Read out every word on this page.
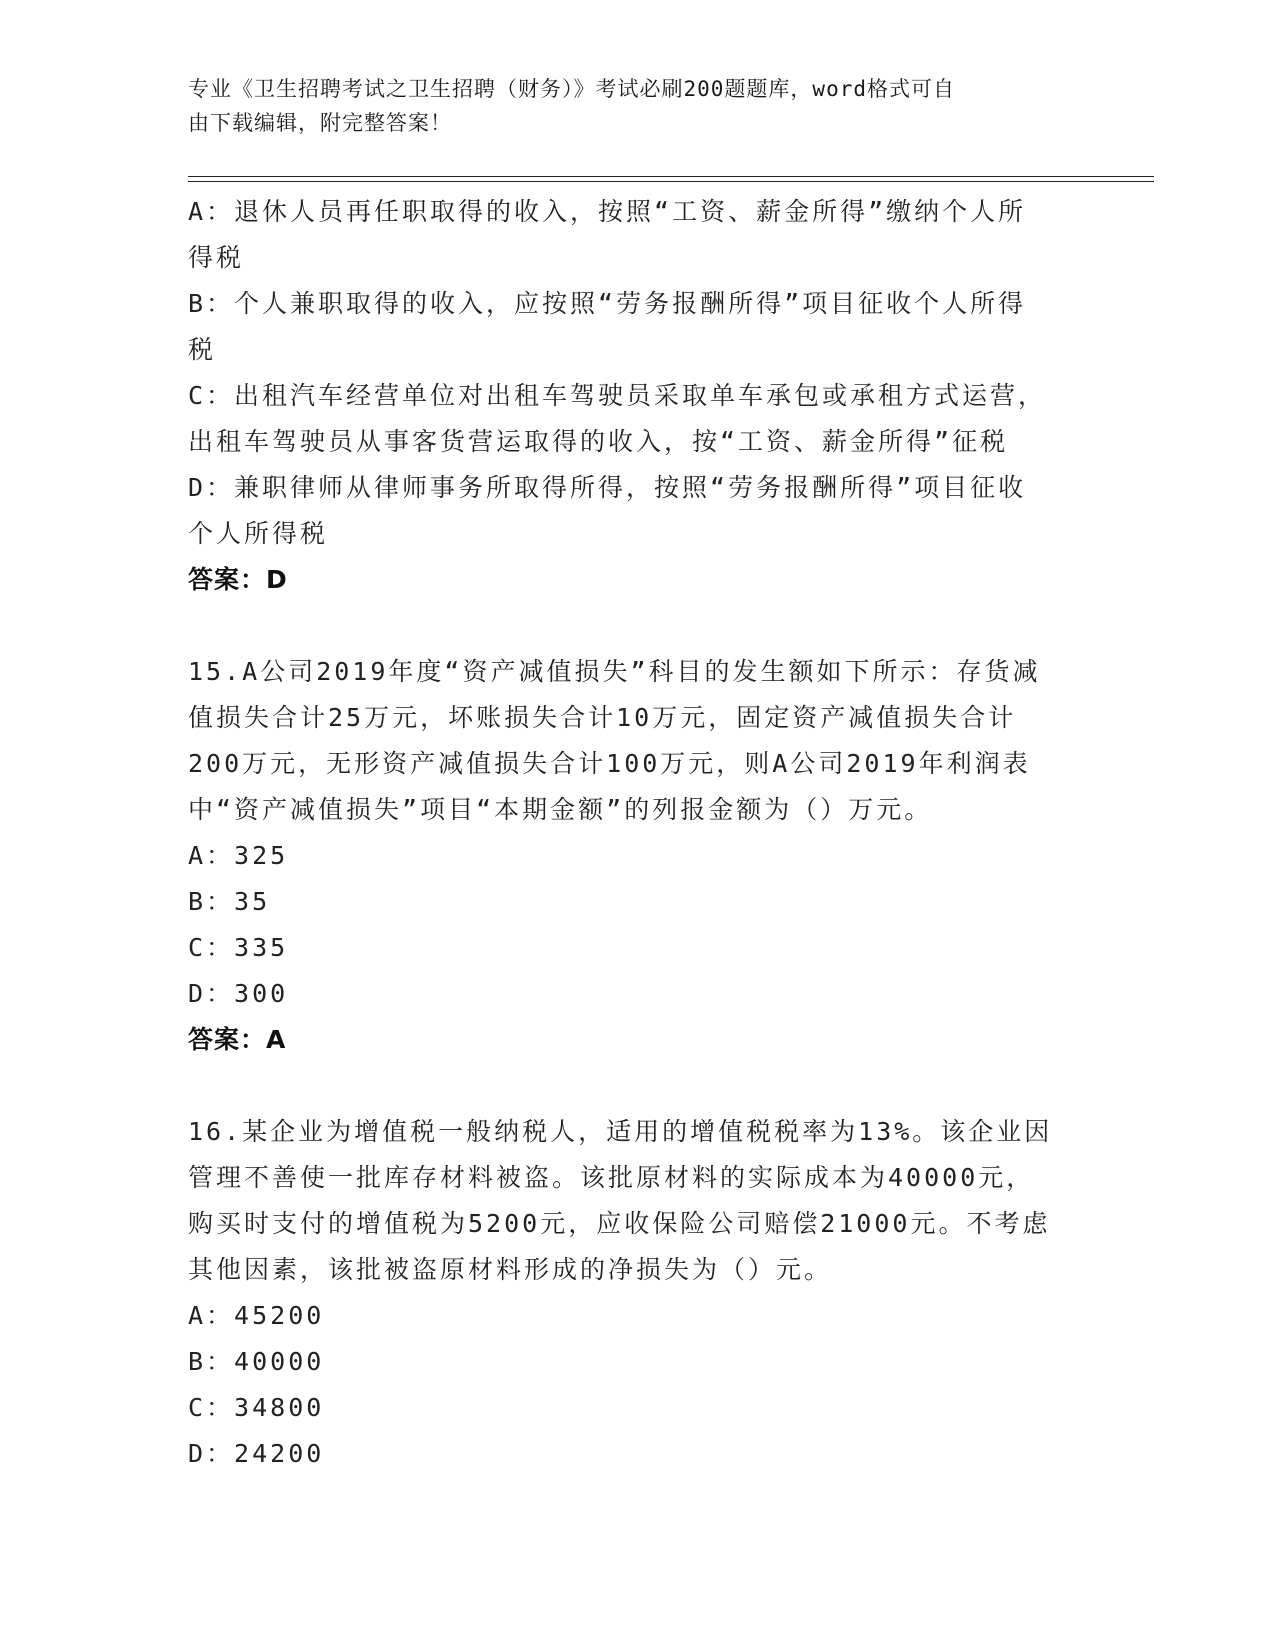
专业《卫生招聘考试之卫生招聘（财务）》考试必刷200题题库，word格式可自
由下载编辑，附完整答案！
A：退休人员再任职取得的收入，按照“工资、薪金所得”缴纳个人所
得税
B：个人兼职取得的收入，应按照“劳务报酬所得”项目征收个人所得
税
C：出租汽车经营单位对出租车驾驶员采取单车承包或承租方式运营，
出租车驾驶员从事客货营运取得的收入，按“工资、薪金所得”征税
D：兼职律师从律师事务所取得所得，按照“劳务报酬所得”项目征收
个人所得税
答案：D
15.A公司2019年度“资产减值损失”科目的发生额如下所示：存货减
值损失合计25万元，坏账损失合计10万元，固定资产减值损失合计
200万元，无形资产减值损失合计100万元，则A公司2019年利润表
中“资产减值损失”项目“本期金额”的列报金额为（）万元。
A：325
B：35
C：335
D：300
答案：A
16.某企业为增值税一般纳税人，适用的增值税税率为13%。该企业因
管理不善使一批库存材料被盗。该批原材料的实际成本为40000元，
购买时支付的增值税为5200元，应收保险公司赔偿21000元。不考虑
其他因素，该批被盗原材料形成的净损失为（）元。
A：45200
B：40000
C：34800
D：24200
